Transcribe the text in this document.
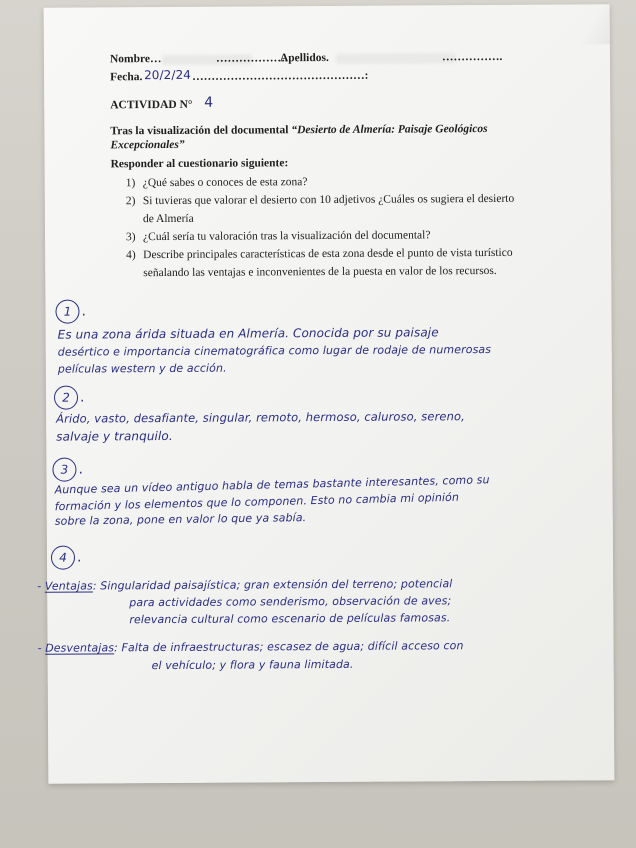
Nombre…	……………….
Apellidos.	…………….
Fecha. 20/2/24 ………………………………………:
ACTIVIDAD N° 4
Tras la visualización del documental “Desierto de Almería: Paisaje Geológicos
Excepcionales”
Responder al cuestionario siguiente:
1) ¿Qué sabes o conoces de esta zona?
2) Si tuvieras que valorar el desierto con 10 adjetivos ¿Cuáles os sugiera el desierto
de Almería
3) ¿Cuál sería tu valoración tras la visualización del documental?
4) Describe principales características de esta zona desde el punto de vista turístico
señalando las ventajas e inconvenientes de la puesta en valor de los recursos.
1 .
Es una zona árida situada en Almería. Conocida por su paisaje
desértico e importancia cinematográfica como lugar de rodaje de numerosas
películas western y de acción.
2 .
Árido, vasto, desafiante, singular, remoto, hermoso, caluroso, sereno,
salvaje y tranquilo.
3 .
Aunque sea un vídeo antiguo habla de temas bastante interesantes, como su
formación y los elementos que lo componen. Esto no cambia mi opinión
sobre la zona, pone en valor lo que ya sabía.
4 .
- Ventajas: Singularidad paisajística; gran extensión del terreno; potencial
para actividades como senderismo, observación de aves;
relevancia cultural como escenario de películas famosas.
- Desventajas: Falta de infraestructuras; escasez de agua; difícil acceso con
el vehículo; y flora y fauna limitada.
